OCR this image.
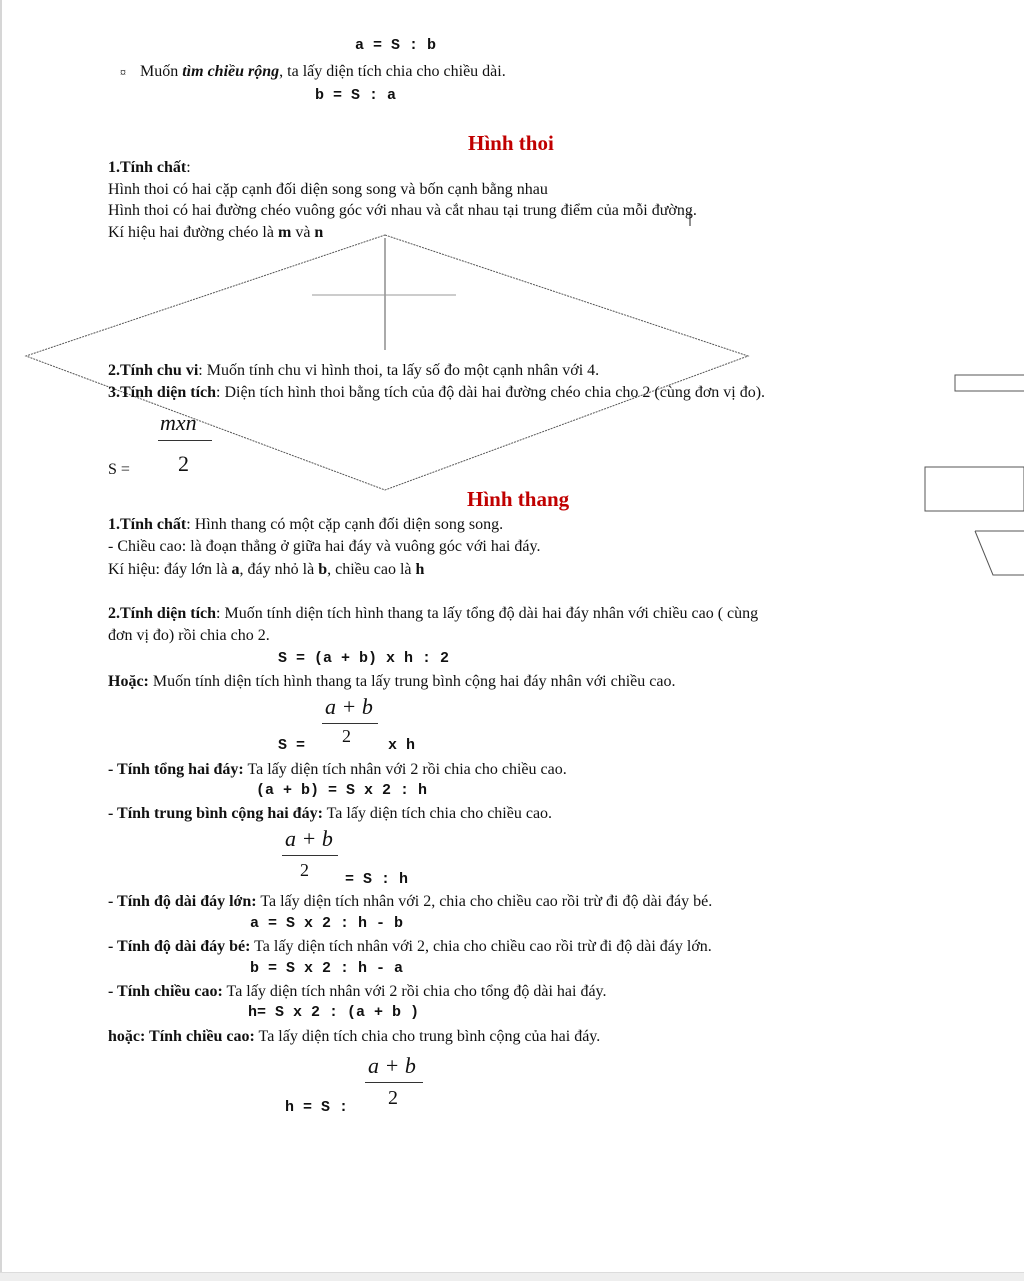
a = S : b
¤ Muốn tìm chiều rộng, ta lấy diện tích chia cho chiều dài.
b = S : a
Hình thoi
1.Tính chất:
Hình thoi có hai cặp cạnh đối diện song song và bốn cạnh bằng nhau
Hình thoi có hai đường chéo vuông góc với nhau và cắt nhau tại trung điểm của mỗi đường.
Kí hiệu hai đường chéo là m và n
2.Tính chu vi: Muốn tính chu vi hình thoi, ta lấy số đo một cạnh nhân với 4.
3.Tính diện tích: Diện tích hình thoi bằng tích của độ dài hai đường chéo chia cho 2 (cùng đơn vị đo).
S =
mxn
2
Hình thang
1.Tính chất: Hình thang có một cặp cạnh đối diện song song.
- Chiều cao: là đoạn thẳng ở giữa hai đáy và vuông góc với hai đáy.
Kí hiệu: đáy lớn là a, đáy nhỏ là b, chiều cao là h
2.Tính diện tích: Muốn tính diện tích hình thang ta lấy tổng độ dài hai đáy nhân với chiều cao ( cùng
đơn vị đo) rồi chia cho 2.
S = (a + b) x h : 2
Hoặc: Muốn tính diện tích hình thang ta lấy trung bình cộng hai đáy nhân với chiều cao.
a + b
2
S =	x h
- Tính tổng hai đáy: Ta lấy diện tích nhân với 2 rồi chia cho chiều cao.
(a + b) = S x 2 : h
- Tính trung bình cộng hai đáy: Ta lấy diện tích chia cho chiều cao.
a + b
2 = S : h
- Tính độ dài đáy lớn: Ta lấy diện tích nhân với 2, chia cho chiều cao rồi trừ đi độ dài đáy bé.
a = S x 2 : h - b
- Tính độ dài đáy bé: Ta lấy diện tích nhân với 2, chia cho chiều cao rồi trừ đi độ dài đáy lớn.
b = S x 2 : h - a
- Tính chiều cao: Ta lấy diện tích nhân với 2 rồi chia cho tổng độ dài hai đáy.
h= S x 2 : (a + b )
hoặc: Tính chiều cao: Ta lấy diện tích chia cho trung bình cộng của hai đáy.
a + b
2
h = S :
